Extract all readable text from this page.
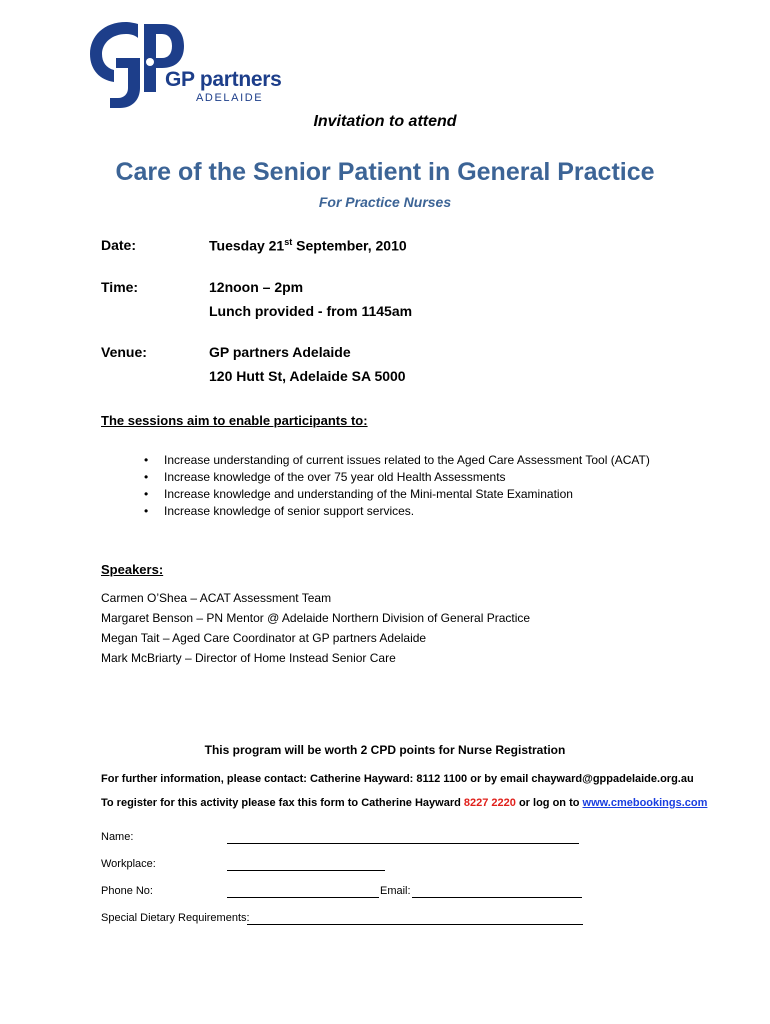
GP partners
ADELAIDE
Invitation to attend
Care of the Senior Patient in General Practice
For Practice Nurses
Date:	Tuesday 21st September, 2010
Time:	12noon – 2pm
Lunch provided - from 1145am
Venue:	GP partners Adelaide
120 Hutt St, Adelaide SA 5000
The sessions aim to enable participants to:
• Increase understanding of current issues related to the Aged Care Assessment Tool (ACAT)
• Increase knowledge of the over 75 year old Health Assessments
• Increase knowledge and understanding of the Mini-mental State Examination
• Increase knowledge of senior support services.
Speakers:
Carmen O’Shea – ACAT Assessment Team
Margaret Benson – PN Mentor @ Adelaide Northern Division of General Practice
Megan Tait – Aged Care Coordinator at GP partners Adelaide
Mark McBriarty – Director of Home Instead Senior Care
This program will be worth 2 CPD points for Nurse Registration
For further information, please contact: Catherine Hayward: 8112 1100 or by email chayward@gppadelaide.org.au
To register for this activity please fax this form to Catherine Hayward 8227 2220 or log on to www.cmebookings.com
Name:
Workplace:
Phone No:	Email:
Special Dietary Requirements:
